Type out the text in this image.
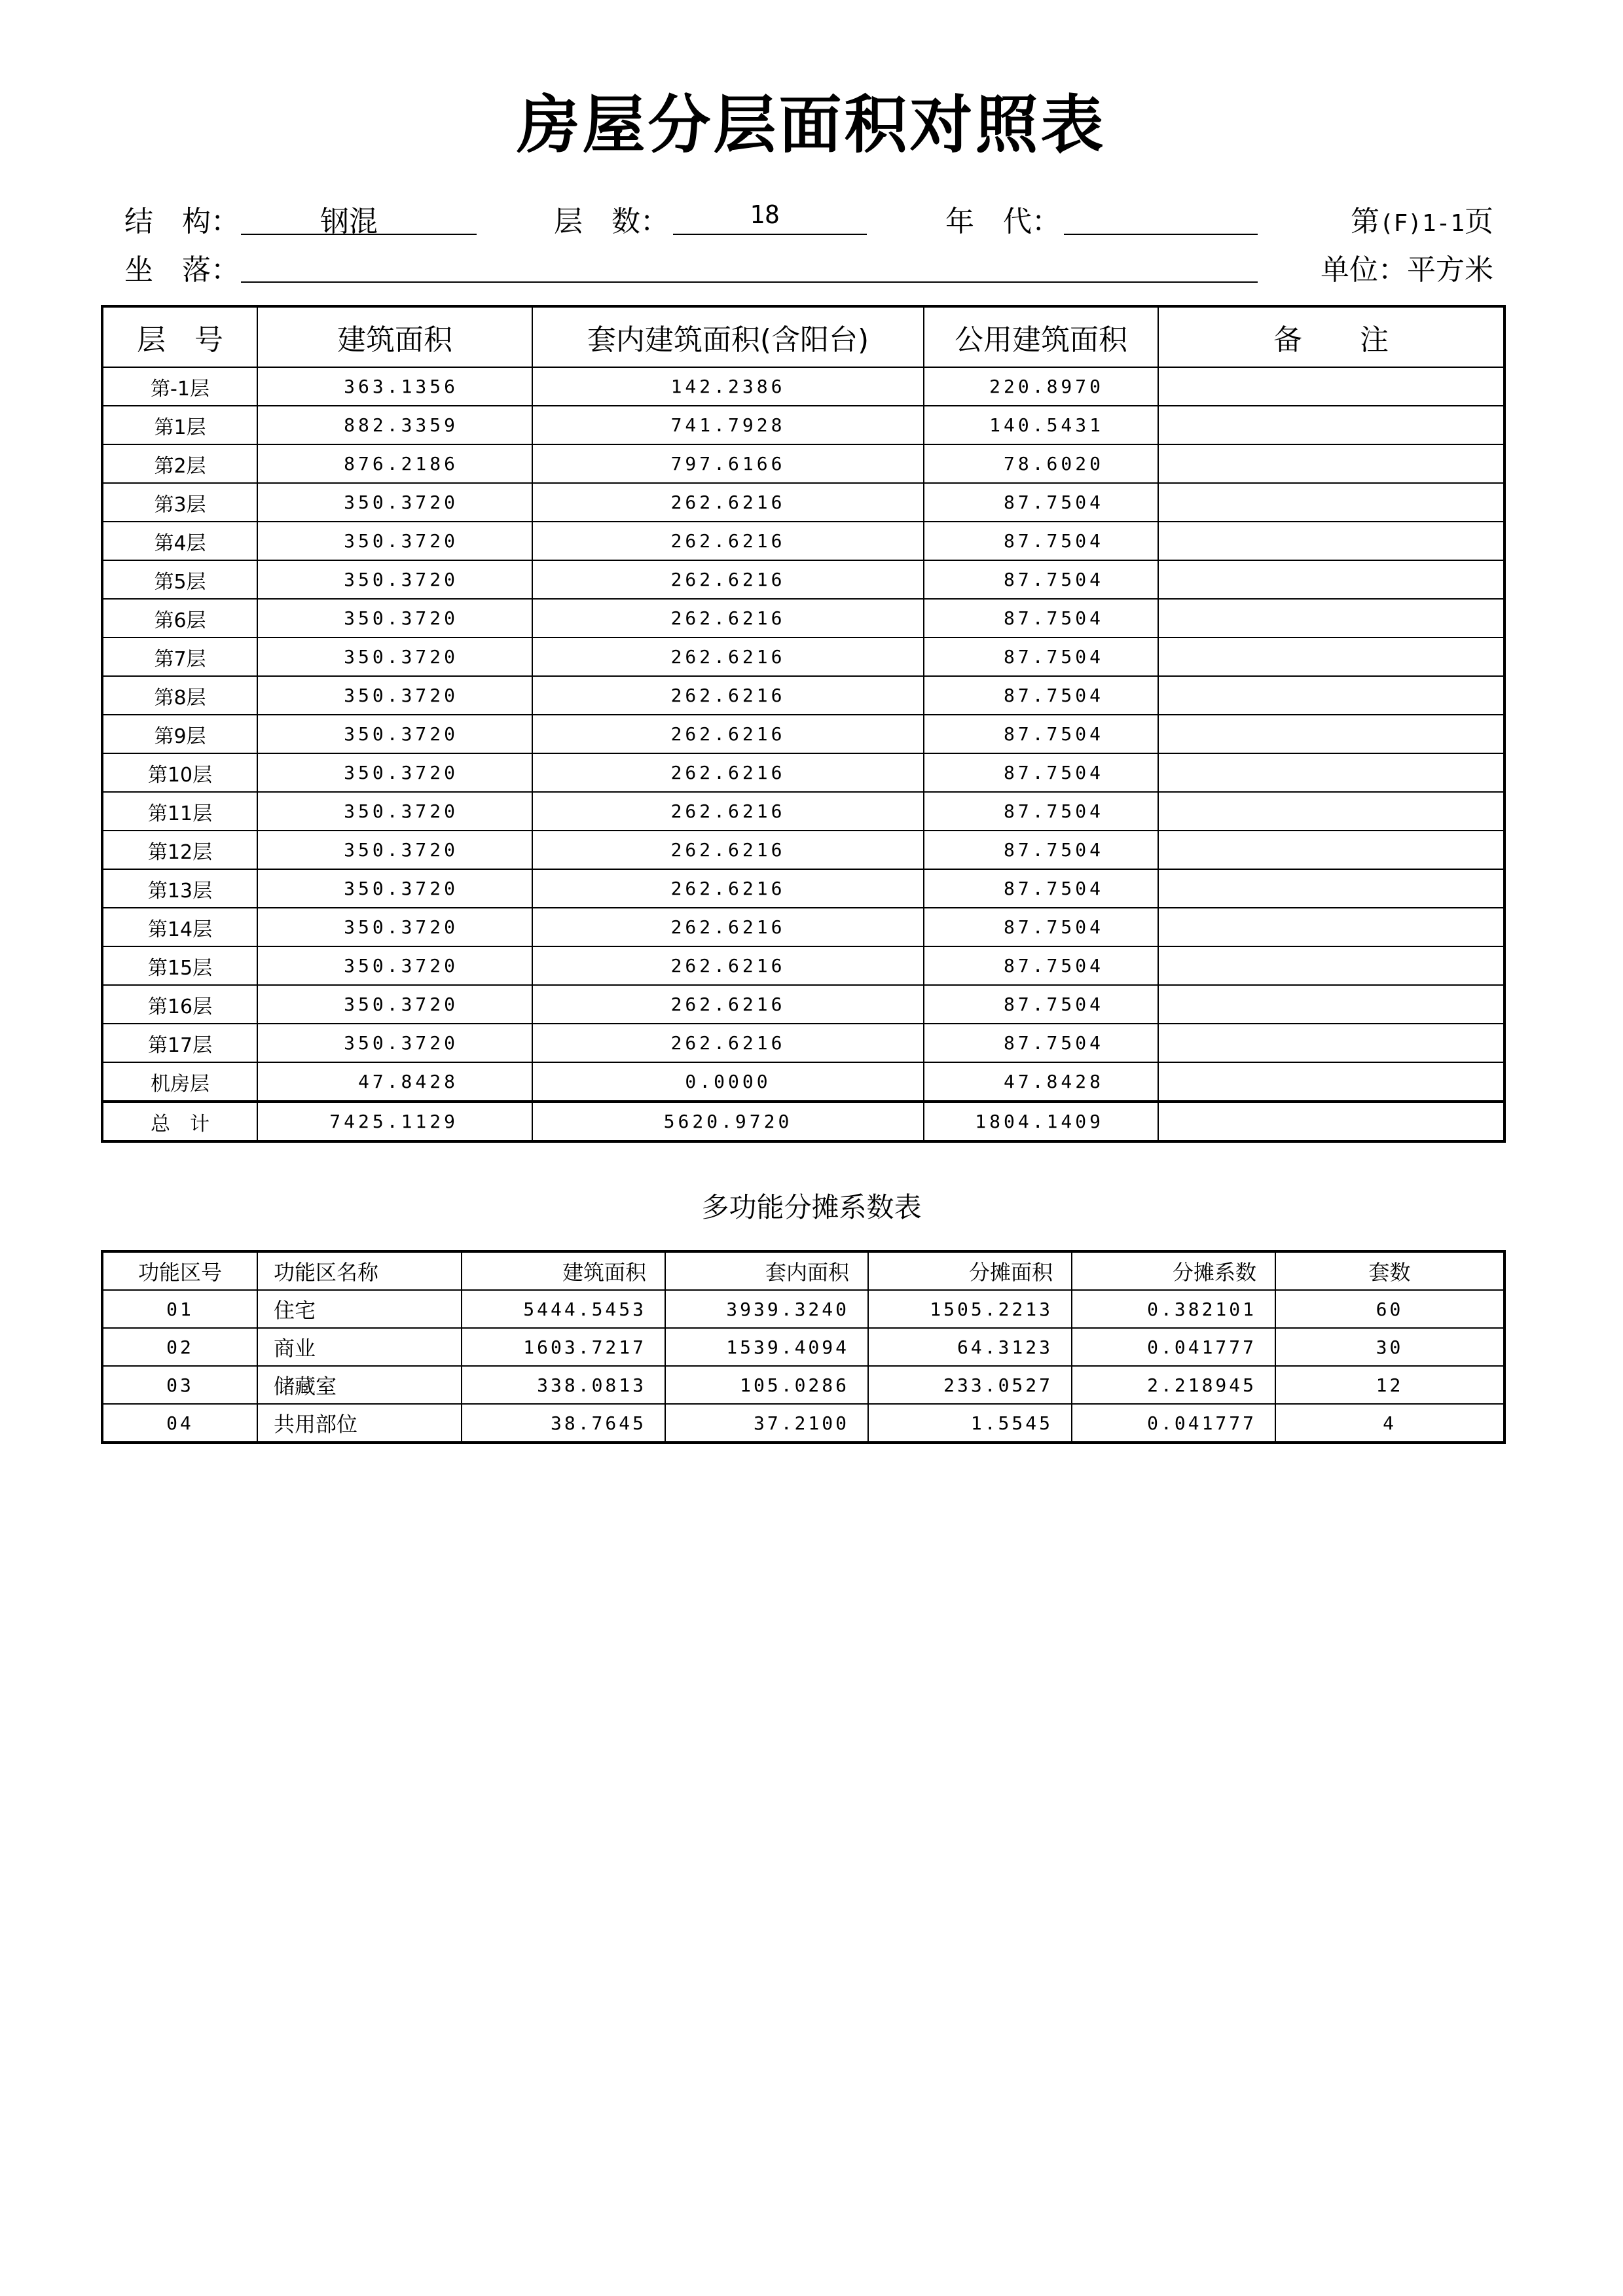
房屋分层面积对照表
结　构：	钢混	层　数：	18	年　代：	第(F)1-1页
坐　落：	单位：平方米
层　号	建筑面积	套内建筑面积(含阳台)	公用建筑面积	备　　注
第-1层	363.1356	142.2386	220.8970	
第1层	882.3359	741.7928	140.5431	
第2层	876.2186	797.6166	78.6020	
第3层	350.3720	262.6216	87.7504	
第4层	350.3720	262.6216	87.7504	
第5层	350.3720	262.6216	87.7504	
第6层	350.3720	262.6216	87.7504	
第7层	350.3720	262.6216	87.7504	
第8层	350.3720	262.6216	87.7504	
第9层	350.3720	262.6216	87.7504	
第10层	350.3720	262.6216	87.7504	
第11层	350.3720	262.6216	87.7504	
第12层	350.3720	262.6216	87.7504	
第13层	350.3720	262.6216	87.7504	
第14层	350.3720	262.6216	87.7504	
第15层	350.3720	262.6216	87.7504	
第16层	350.3720	262.6216	87.7504	
第17层	350.3720	262.6216	87.7504	
机房层	47.8428	0.0000	47.8428	
总　计	7425.1129	5620.9720	1804.1409	
多功能分摊系数表
功能区号	功能区名称	建筑面积	套内面积	分摊面积	分摊系数	套数
01	住宅	5444.5453	3939.3240	1505.2213	0.382101	60
02	商业	1603.7217	1539.4094	64.3123	0.041777	30
03	储藏室	338.0813	105.0286	233.0527	2.218945	12
04	共用部位	38.7645	37.2100	1.5545	0.041777	4
